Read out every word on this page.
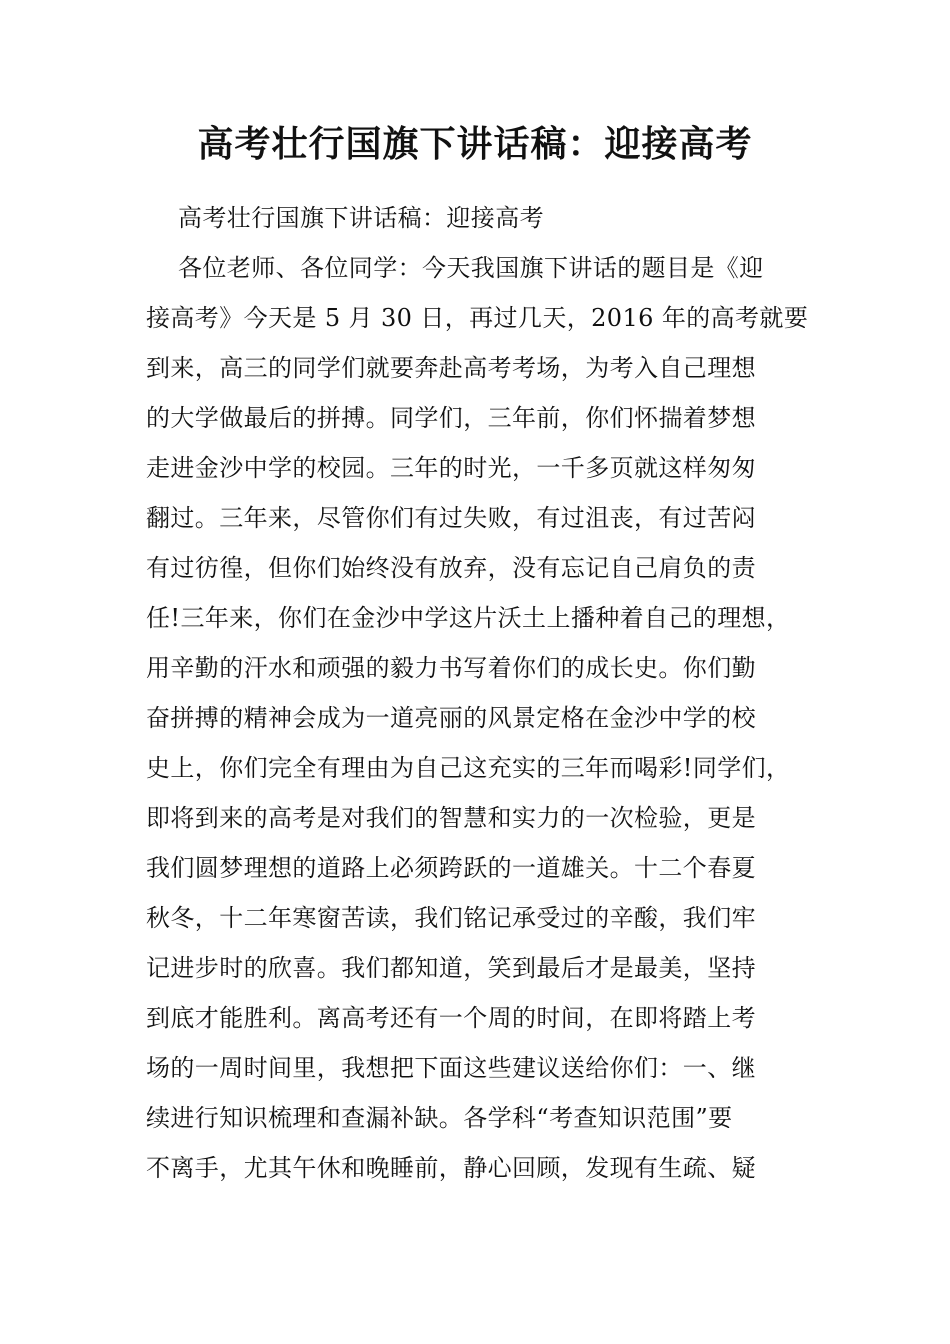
高考壮行国旗下讲话稿：迎接高考
高考壮行国旗下讲话稿：迎接高考
各位老师、各位同学：今天我国旗下讲话的题目是《迎
接高考》今天是 5 月 30 日，再过几天，2016 年的高考就要
到来，高三的同学们就要奔赴高考考场，为考入自己理想
的大学做最后的拼搏。同学们，三年前，你们怀揣着梦想
走进金沙中学的校园。三年的时光，一千多页就这样匆匆
翻过。三年来，尽管你们有过失败，有过沮丧，有过苦闷
有过彷徨，但你们始终没有放弃，没有忘记自己肩负的责
任!三年来，你们在金沙中学这片沃土上播种着自己的理想，
用辛勤的汗水和顽强的毅力书写着你们的成长史。你们勤
奋拼搏的精神会成为一道亮丽的风景定格在金沙中学的校
史上，你们完全有理由为自己这充实的三年而喝彩!同学们，
即将到来的高考是对我们的智慧和实力的一次检验，更是
我们圆梦理想的道路上必须跨跃的一道雄关。十二个春夏
秋冬，十二年寒窗苦读，我们铭记承受过的辛酸，我们牢
记进步时的欣喜。我们都知道，笑到最后才是最美，坚持
到底才能胜利。离高考还有一个周的时间，在即将踏上考
场的一周时间里，我想把下面这些建议送给你们：一、继
续进行知识梳理和查漏补缺。各学科“考查知识范围”要
不离手，尤其午休和晚睡前，静心回顾，发现有生疏、疑
